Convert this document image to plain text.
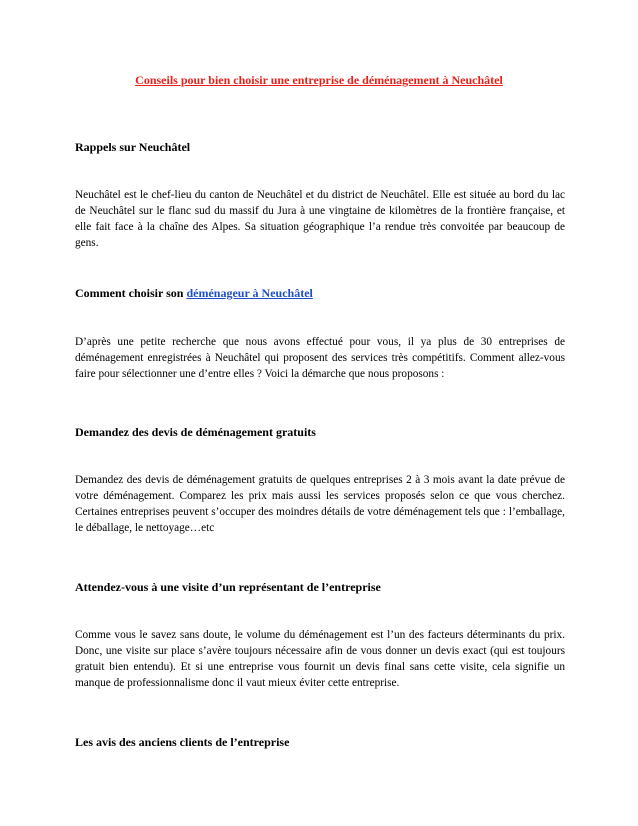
Conseils pour bien choisir une entreprise de déménagement à Neuchâtel
Rappels sur Neuchâtel
Neuchâtel est le chef-lieu du canton de Neuchâtel et du district de Neuchâtel. Elle est située au bord du lac de Neuchâtel sur le flanc sud du massif du Jura à une vingtaine de kilomètres de la frontière française, et elle fait face à la chaîne des Alpes. Sa situation géographique l’a rendue très convoitée par beaucoup de gens.
Comment choisir son déménageur à Neuchâtel
D’après une petite recherche que nous avons effectué pour vous, il ya plus de 30 entreprises de déménagement enregistrées à Neuchâtel qui proposent des services très compétitifs. Comment allez-vous faire pour sélectionner une d’entre elles ? Voici la démarche que nous proposons :
Demandez des devis de déménagement gratuits
Demandez des devis de déménagement gratuits de quelques entreprises 2 à 3 mois avant la date prévue de votre déménagement. Comparez les prix mais aussi les services proposés selon ce que vous cherchez. Certaines entreprises peuvent s’occuper des moindres détails de votre déménagement tels que : l’emballage, le déballage, le nettoyage…etc
Attendez-vous à une visite d’un représentant de l’entreprise
Comme vous le savez sans doute, le volume du déménagement est l’un des facteurs déterminants du prix. Donc, une visite sur place s’avère toujours nécessaire afin de vous donner un devis exact (qui est toujours gratuit bien entendu). Et si une entreprise vous fournit un devis final sans cette visite, cela signifie un manque de professionnalisme donc il vaut mieux éviter cette entreprise.
Les avis des anciens clients de l’entreprise
